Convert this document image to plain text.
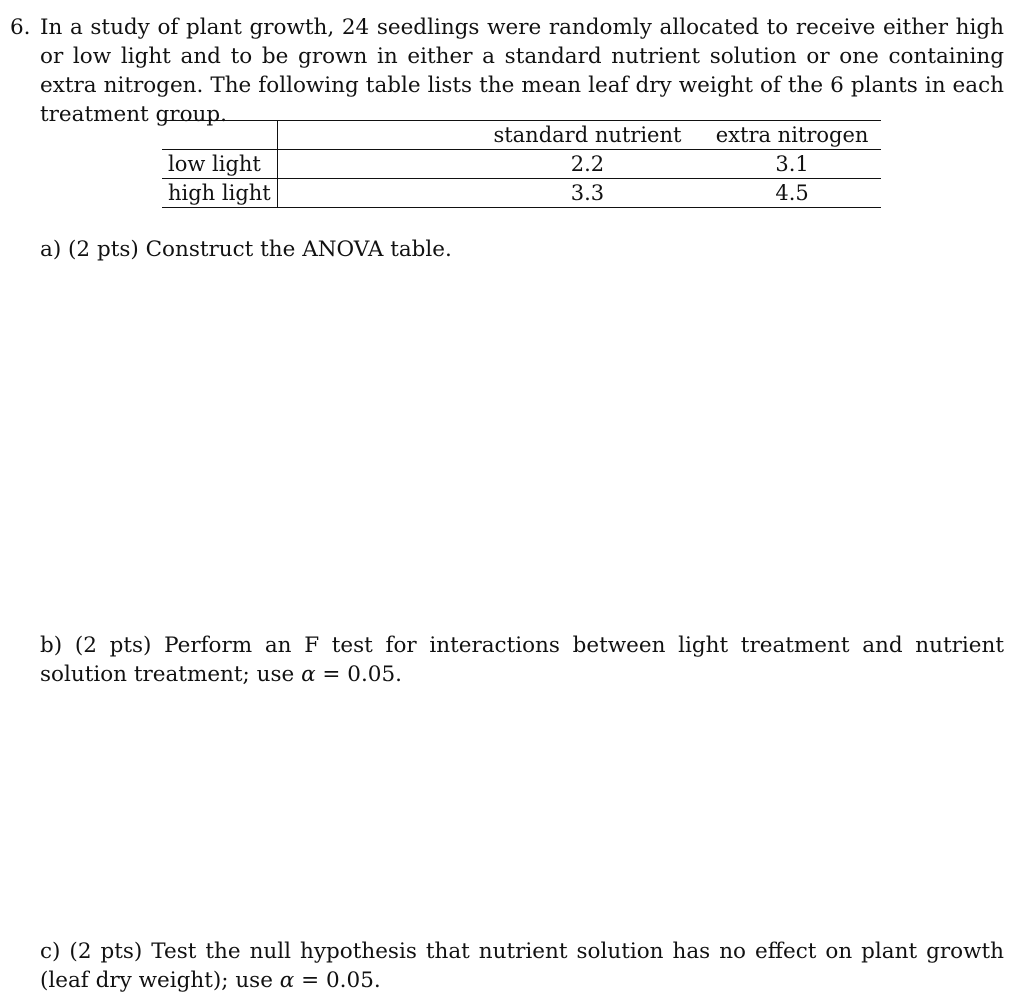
6. In a study of plant growth, 24 seedlings were randomly allocated to receive either high or low light and to be grown in either a standard nutrient solution or one containing extra nitrogen. The following table lists the mean leaf dry weight of the 6 plants in each treatment group.
	standard nutrient	extra nitrogen
low light	2.2	3.1
high light	3.3	4.5
a) (2 pts) Construct the ANOVA table.
b) (2 pts) Perform an F test for interactions between light treatment and nutrient solution treatment; use α = 0.05.
c) (2 pts) Test the null hypothesis that nutrient solution has no effect on plant growth (leaf dry weight); use α = 0.05.
